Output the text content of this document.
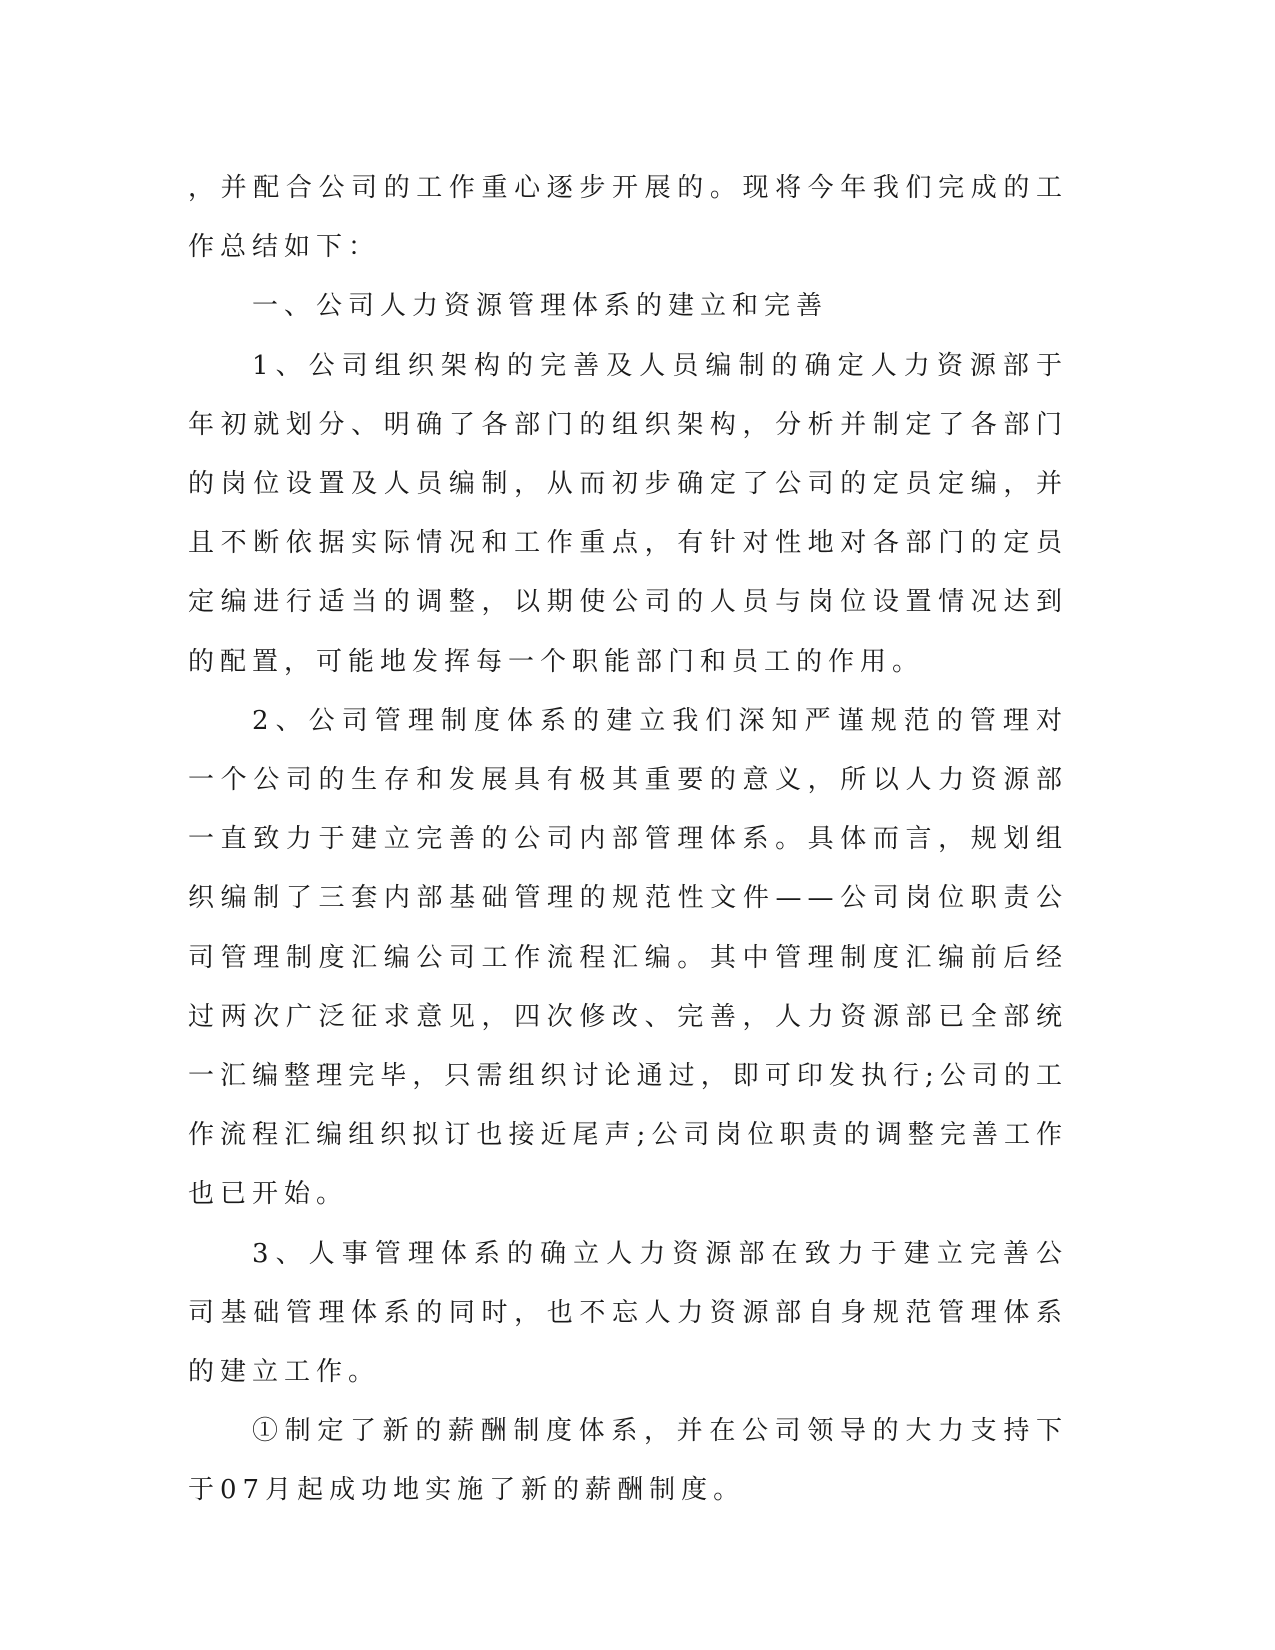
，并配合公司的工作重心逐步开展的。现将今年我们完成的工作总结如下：

一、公司人力资源管理体系的建立和完善

1、公司组织架构的完善及人员编制的确定人力资源部于年初就划分、明确了各部门的组织架构，分析并制定了各部门的岗位设置及人员编制，从而初步确定了公司的定员定编，并且不断依据实际情况和工作重点，有针对性地对各部门的定员定编进行适当的调整，以期使公司的人员与岗位设置情况达到的配置，可能地发挥每一个职能部门和员工的作用。

2、公司管理制度体系的建立我们深知严谨规范的管理对一个公司的生存和发展具有极其重要的意义，所以人力资源部一直致力于建立完善的公司内部管理体系。具体而言，规划组织编制了三套内部基础管理的规范性文件——公司岗位职责公司管理制度汇编公司工作流程汇编。其中管理制度汇编前后经过两次广泛征求意见，四次修改、完善，人力资源部已全部统一汇编整理完毕，只需组织讨论通过，即可印发执行;公司的工作流程汇编组织拟订也接近尾声;公司岗位职责的调整完善工作也已开始。

3、人事管理体系的确立人力资源部在致力于建立完善公司基础管理体系的同时，也不忘人力资源部自身规范管理体系的建立工作。

①制定了新的薪酬制度体系，并在公司领导的大力支持下于07月起成功地实施了新的薪酬制度。
